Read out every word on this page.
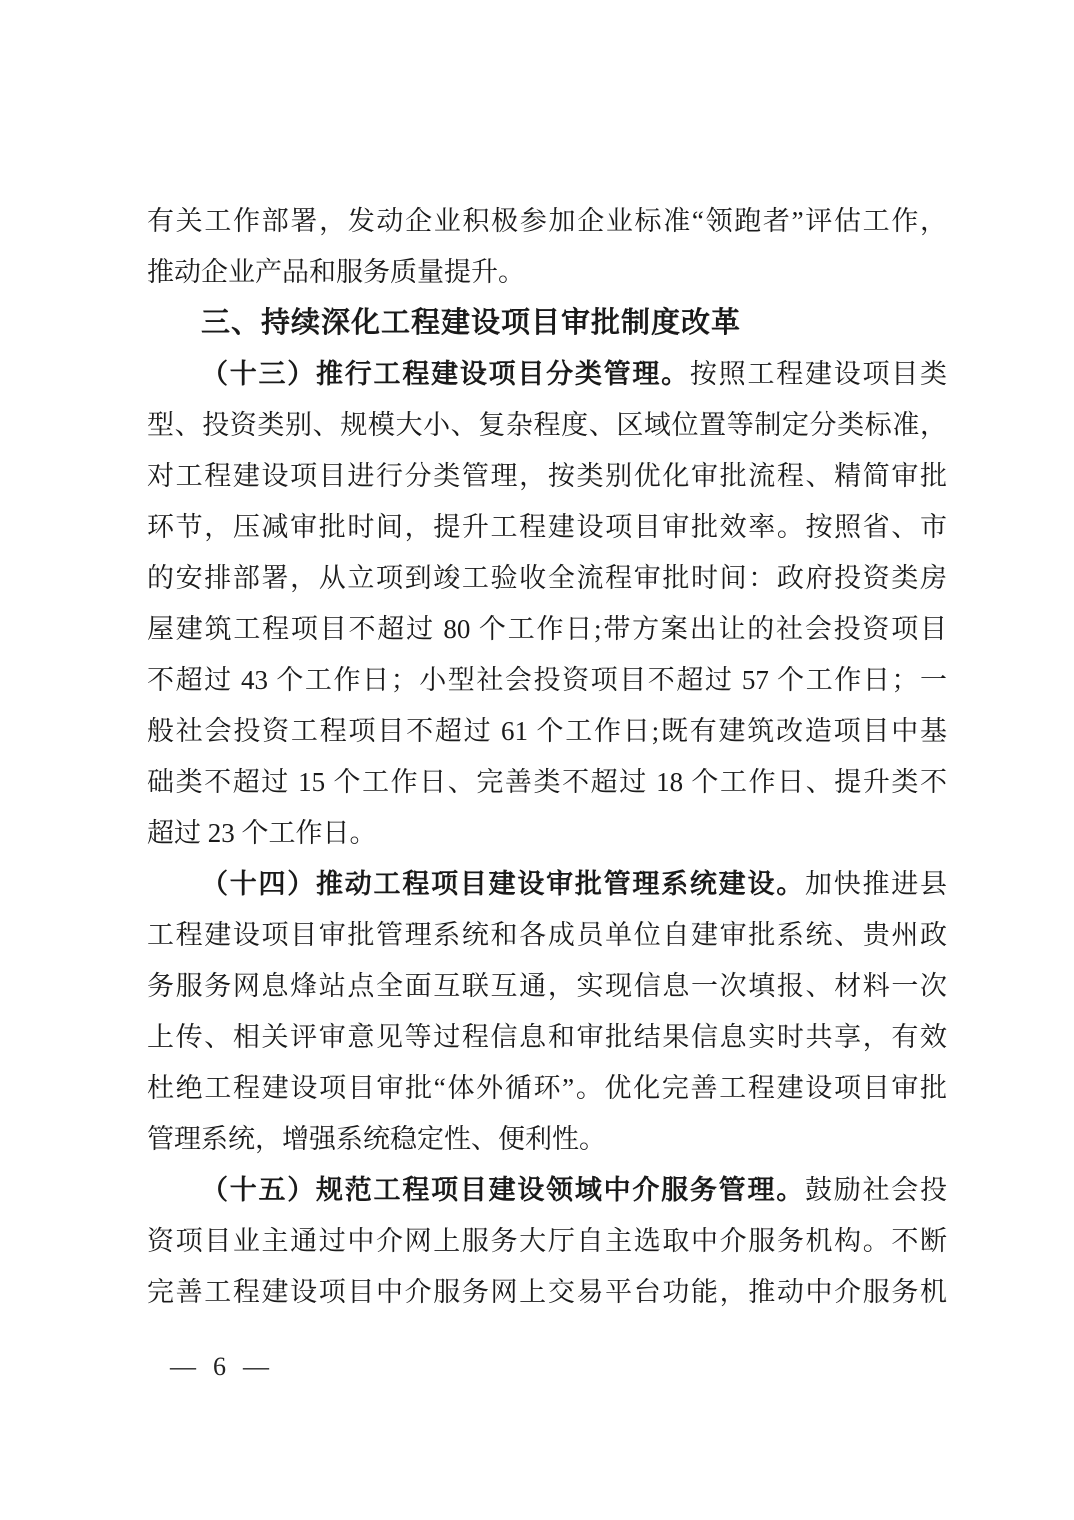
有关工作部署，发动企业积极参加企业标准“领跑者”评估工作，
推动企业产品和服务质量提升。
三、持续深化工程建设项目审批制度改革
（十三）推行工程建设项目分类管理。按照工程建设项目类
型、投资类别、规模大小、复杂程度、区域位置等制定分类标准，
对工程建设项目进行分类管理，按类别优化审批流程、精简审批
环节，压减审批时间，提升工程建设项目审批效率。按照省、市
的安排部署，从立项到竣工验收全流程审批时间：政府投资类房
屋建筑工程项目不超过 80 个工作日;带方案出让的社会投资项目
不超过 43 个工作日；小型社会投资项目不超过 57 个工作日；一
般社会投资工程项目不超过 61 个工作日;既有建筑改造项目中基
础类不超过 15 个工作日、完善类不超过 18 个工作日、提升类不
超过 23 个工作日。
（十四）推动工程项目建设审批管理系统建设。加快推进县
工程建设项目审批管理系统和各成员单位自建审批系统、贵州政
务服务网息烽站点全面互联互通，实现信息一次填报、材料一次
上传、相关评审意见等过程信息和审批结果信息实时共享，有效
杜绝工程建设项目审批“体外循环”。优化完善工程建设项目审批
管理系统，增强系统稳定性、便利性。
（十五）规范工程项目建设领域中介服务管理。鼓励社会投
资项目业主通过中介网上服务大厅自主选取中介服务机构。不断
完善工程建设项目中介服务网上交易平台功能，推动中介服务机
— 6 —
